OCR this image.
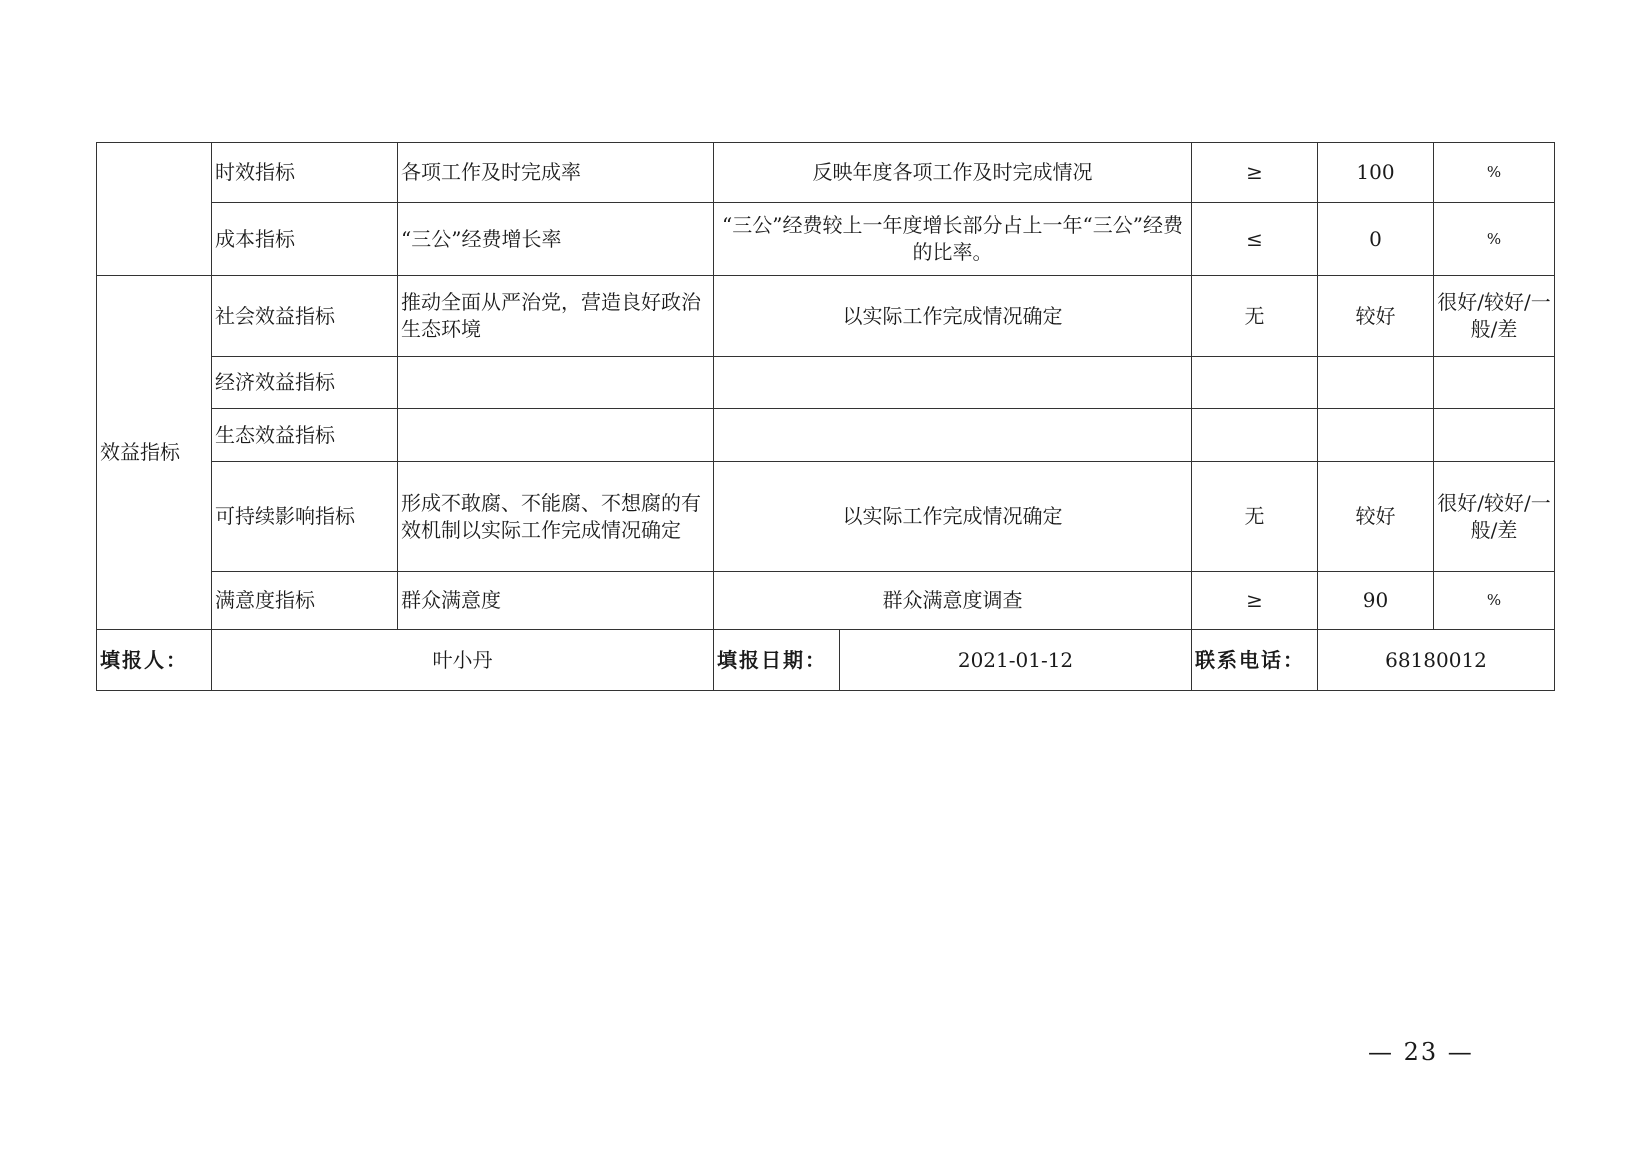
	时效指标	各项工作及时完成率	反映年度各项工作及时完成情况		≥	100	%
	成本指标	“三公”经费增长率	“三公”经费较上一年度增长部分占上一年“三公”经费的比率。		≤	0	%
效益指标	社会效益指标	推动全面从严治党，营造良好政治生态环境	以实际工作完成情况确定		无	较好	很好/较好/一般/差
	经济效益指标						
	生态效益指标						
	可持续影响指标	形成不敢腐、不能腐、不想腐的有效机制以实际工作完成情况确定	以实际工作完成情况确定		无	较好	很好/较好/一般/差
	满意度指标	群众满意度	群众满意度调查		≥	90	%
填报人：	叶小丹		填报日期：	2021-01-12	联系电话：	68180012	
— 23 —
